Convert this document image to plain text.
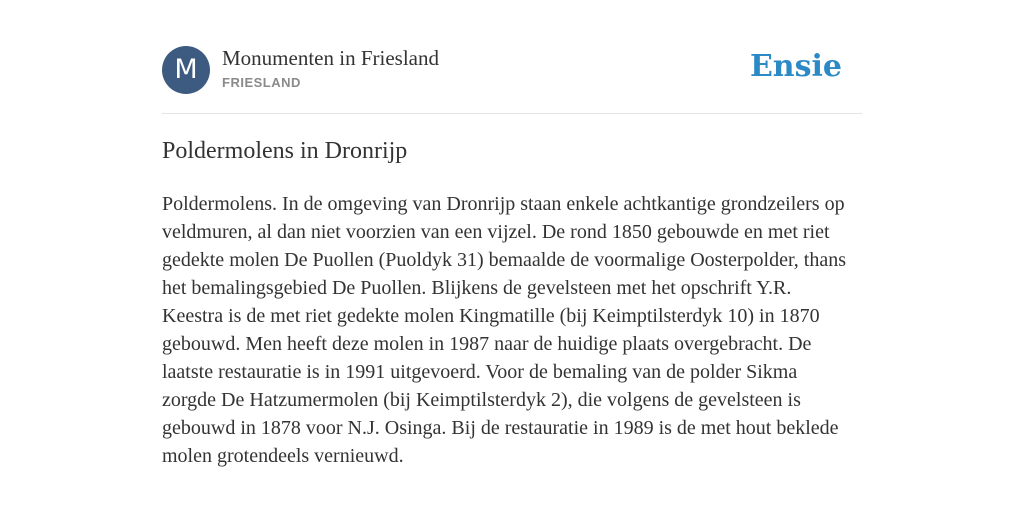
M	Monumenten in Friesland
FRIESLAND	Ensie
Poldermolens in Dronrijp

Poldermolens. In de omgeving van Dronrijp staan enkele achtkantige grondzeilers op veldmuren, al dan niet voorzien van een vijzel. De rond 1850 gebouwde en met riet gedekte molen De Puollen (Puoldyk 31) bemaalde de voormalige Oosterpolder, thans het bemalingsgebied De Puollen. Blijkens de gevelsteen met het opschrift Y.R. Keestra is de met riet gedekte molen Kingmatille (bij Keimptilsterdyk 10) in 1870 gebouwd. Men heeft deze molen in 1987 naar de huidige plaats overgebracht. De laatste restauratie is in 1991 uitgevoerd. Voor de bemaling van de polder Sikma zorgde De Hatzumermolen (bij Keimptilsterdyk 2), die volgens de gevelsteen is gebouwd in 1878 voor N.J. Osinga. Bij de restauratie in 1989 is de met hout beklede molen grotendeels vernieuwd.
